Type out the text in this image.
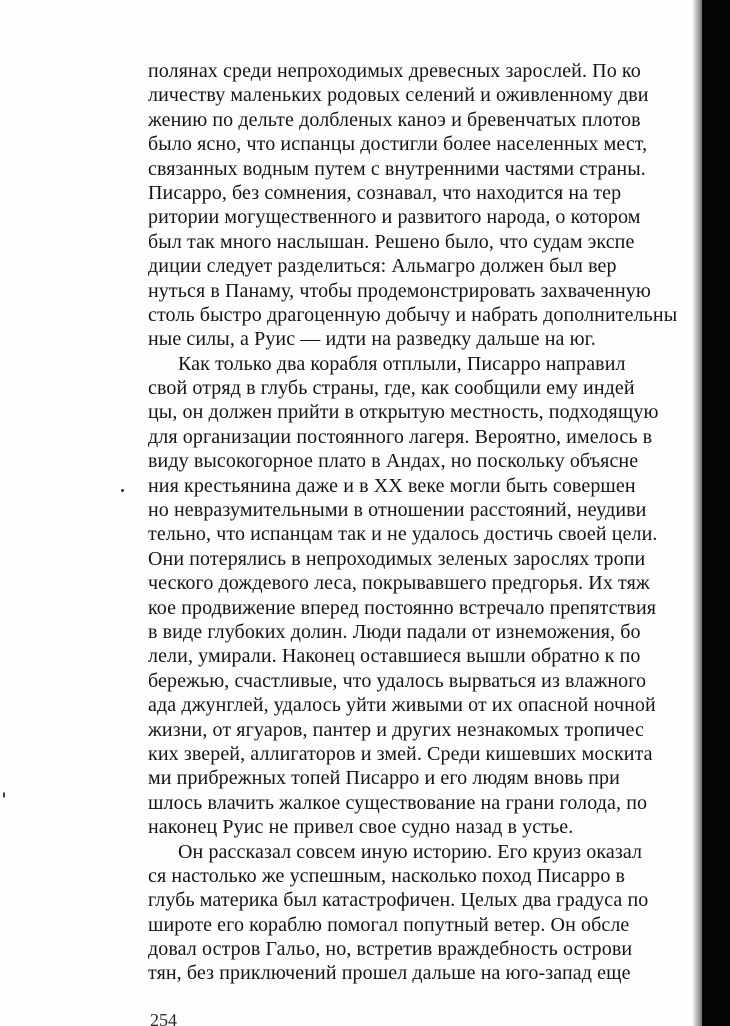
полянах среди непроходимых древесных зарослей. По ко
личеству маленьких родовых селений и оживленному дви
жению по дельте долбленых каноэ и бревенчатых плотов
было ясно, что испанцы достигли более населенных мест,
связанных водным путем с внутренними частями страны.
Писарро, без сомнения, сознавал, что находится на тер
ритории могущественного и развитого народа, о котором
был так много наслышан. Решено было, что судам экспе
диции следует разделиться: Альмагро должен был вер
нуться в Панаму, чтобы продемонстрировать захваченную
столь быстро драгоценную добычу и набрать дополнительны
ные силы, а Руис — идти на разведку дальше на юг.
Как только два корабля отплыли, Писарро направил
свой отряд в глубь страны, где, как сообщили ему индей
цы, он должен прийти в открытую местность, подходящую
для организации постоянного лагеря. Вероятно, имелось в
виду высокогорное плато в Андах, но поскольку объясне
ния крестьянина даже и в XX веке могли быть совершен
но невразумительными в отношении расстояний, неудиви
тельно, что испанцам так и не удалось достичь своей цели.
Они потерялись в непроходимых зеленых зарослях тропи
ческого дождевого леса, покрывавшего предгорья. Их тяж
кое продвижение вперед постоянно встречало препятствия
в виде глубоких долин. Люди падали от изнеможения, бо
лели, умирали. Наконец оставшиеся вышли обратно к по
бережью, счастливые, что удалось вырваться из влажного
ада джунглей, удалось уйти живыми от их опасной ночной
жизни, от ягуаров, пантер и других незнакомых тропичес
ких зверей, аллигаторов и змей. Среди кишевших москита
ми прибрежных топей Писарро и его людям вновь при
шлось влачить жалкое существование на грани голода, по
наконец Руис не привел свое судно назад в устье.
Он рассказал совсем иную историю. Его круиз оказал
ся настолько же успешным, насколько поход Писарро в
глубь материка был катастрофичен. Целых два градуса по
широте его кораблю помогал попутный ветер. Он обсле
довал остров Гальо, но, встретив враждебность острови
тян, без приключений прошел дальше на юго-запад еще
254
